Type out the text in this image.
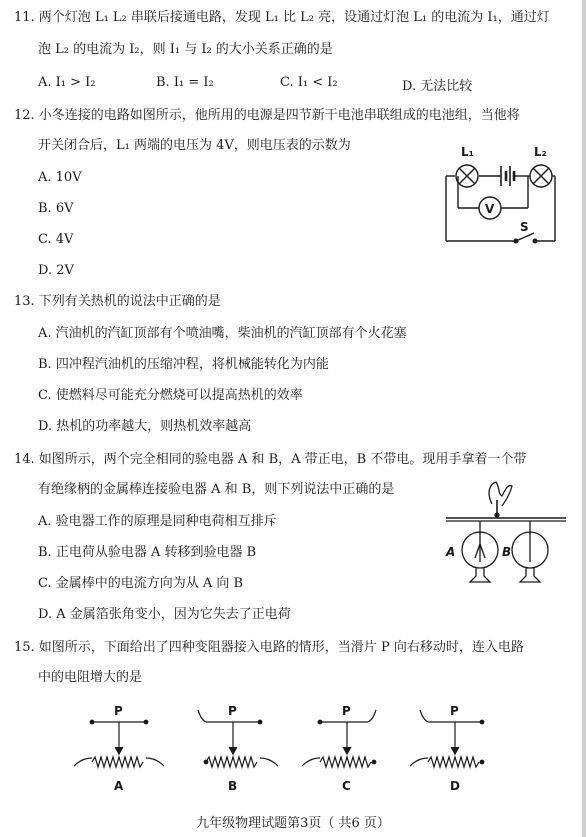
11. 两个灯泡 L₁ L₂ 串联后接通电路，发现 L₁ 比 L₂ 亮，设通过灯泡 L₁ 的电流为 I₁，通过灯
泡 L₂ 的电流为 I₂，则 I₁ 与 I₂ 的大小关系正确的是
A. I₁ > I₂	B. I₁ = I₂	C. I₁ < I₂	D. 无法比较
12. 小冬连接的电路如图所示，他所用的电源是四节新干电池串联组成的电池组，当他将
开关闭合后，L₁ 两端的电压为 4V，则电压表的示数为
A. 10V
B. 6V
C. 4V
D. 2V
V
L₁	L₂
S
13. 下列有关热机的说法中正确的是
A. 汽油机的汽缸顶部有个喷油嘴，柴油机的汽缸顶部有个火花塞
B. 四冲程汽油机的压缩冲程，将机械能转化为内能
C. 使燃料尽可能充分燃烧可以提高热机的效率
D. 热机的功率越大，则热机效率越高
14. 如图所示，两个完全相同的验电器 A 和 B，A 带正电，B 不带电。现用手拿着一个带
有绝缘柄的金属棒连接验电器 A 和 B，则下列说法中正确的是
A. 验电器工作的原理是同种电荷相互排斥
B. 正电荷从验电器 A 转移到验电器 B
C. 金属棒中的电流方向为从 A 向 B
D. A 金属箔张角变小，因为它失去了正电荷
A	B
15. 如图所示，下面给出了四种变阻器接入电路的情形，当滑片 P 向右移动时，连入电路
中的电阻增大的是
P	P	P	P
A	B	C	D
九年级物理试题第3页（ 共6 页）
